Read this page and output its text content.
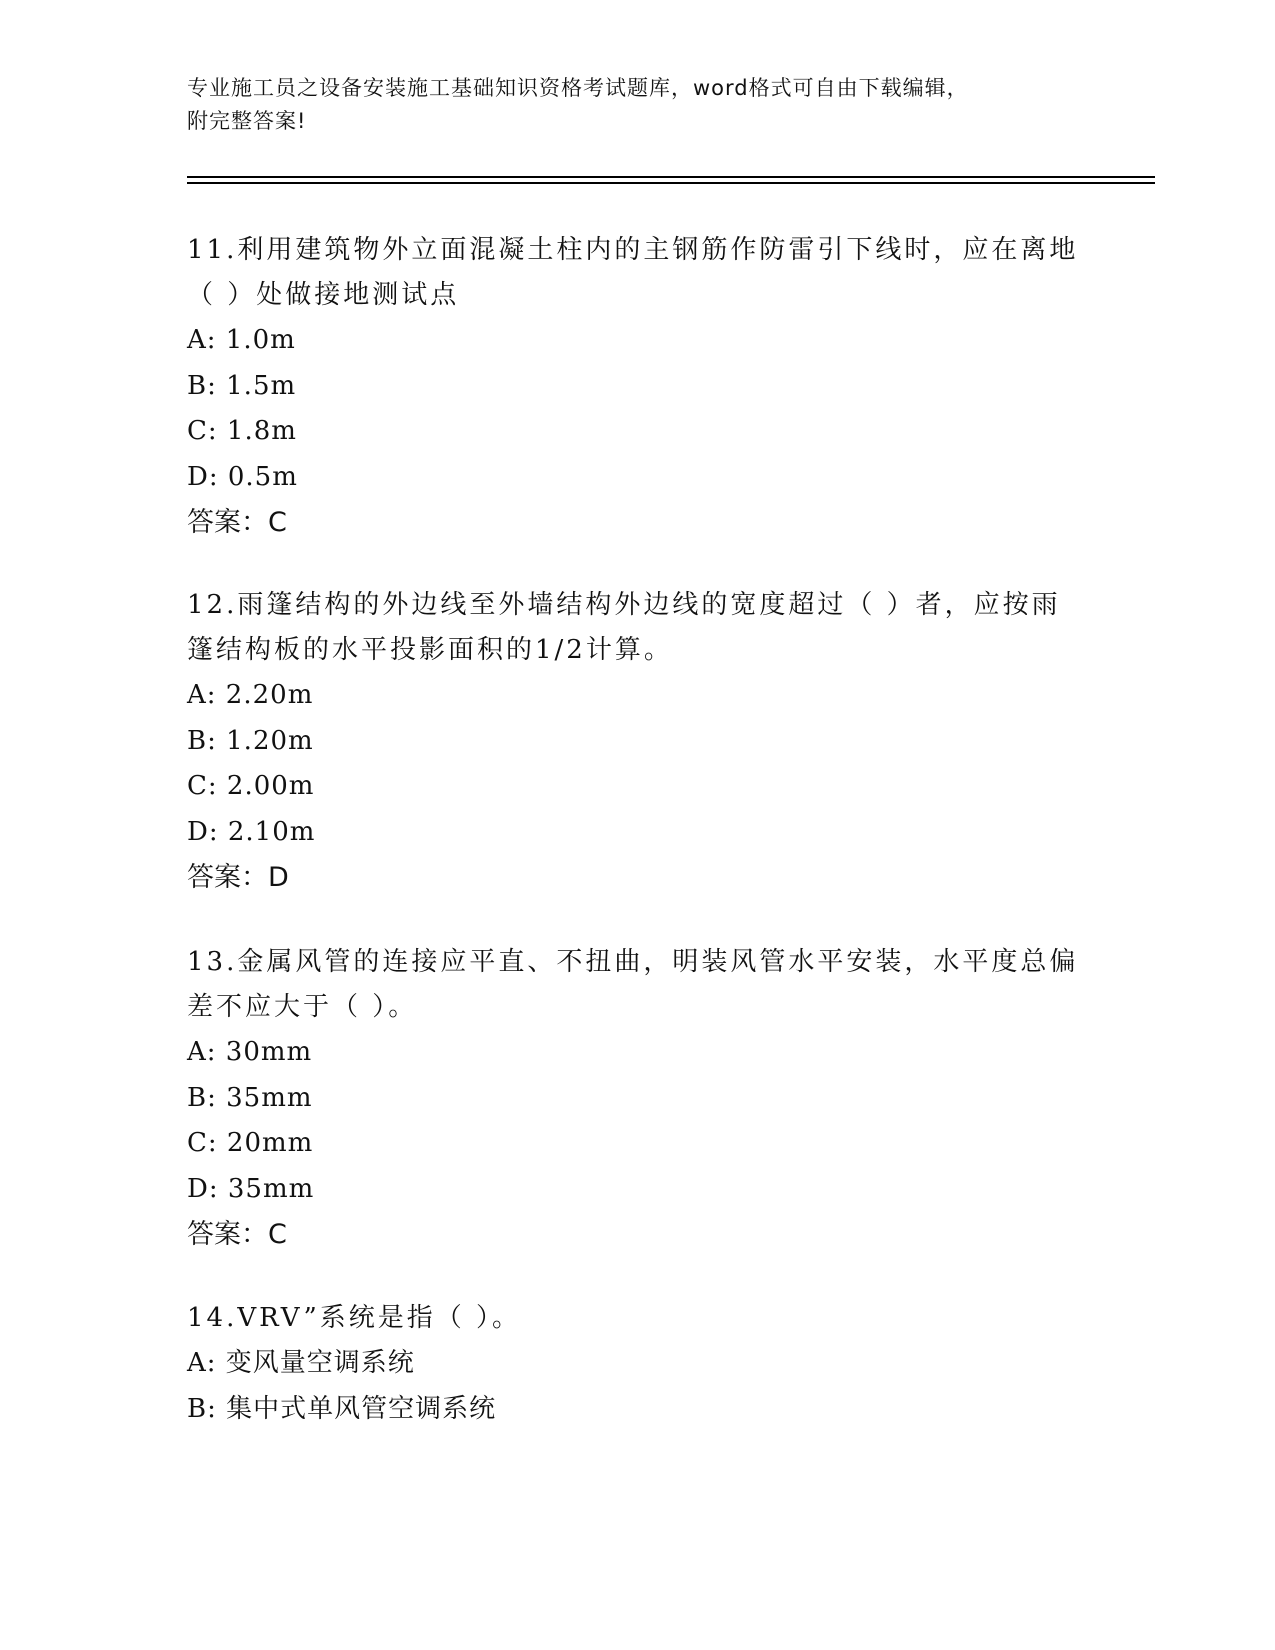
专业施工员之设备安装施工基础知识资格考试题库，word格式可自由下载编辑，
附完整答案!
11.利用建筑物外立面混凝土柱内的主钢筋作防雷引下线时，应在离地
（ ）处做接地测试点
A: 1.0m
B: 1.5m
C: 1.8m
D: 0.5m
答案：C
12.雨篷结构的外边线至外墙结构外边线的宽度超过（ ）者，应按雨
篷结构板的水平投影面积的1/2计算。
A: 2.20m
B: 1.20m
C: 2.00m
D: 2.10m
答案：D
13.金属风管的连接应平直、不扭曲，明装风管水平安装，水平度总偏
差不应大于（ ）。
A: 30mm
B: 35mm
C: 20mm
D: 35mm
答案：C
14.VRV”系统是指（ ）。
A: 变风量空调系统
B: 集中式单风管空调系统
